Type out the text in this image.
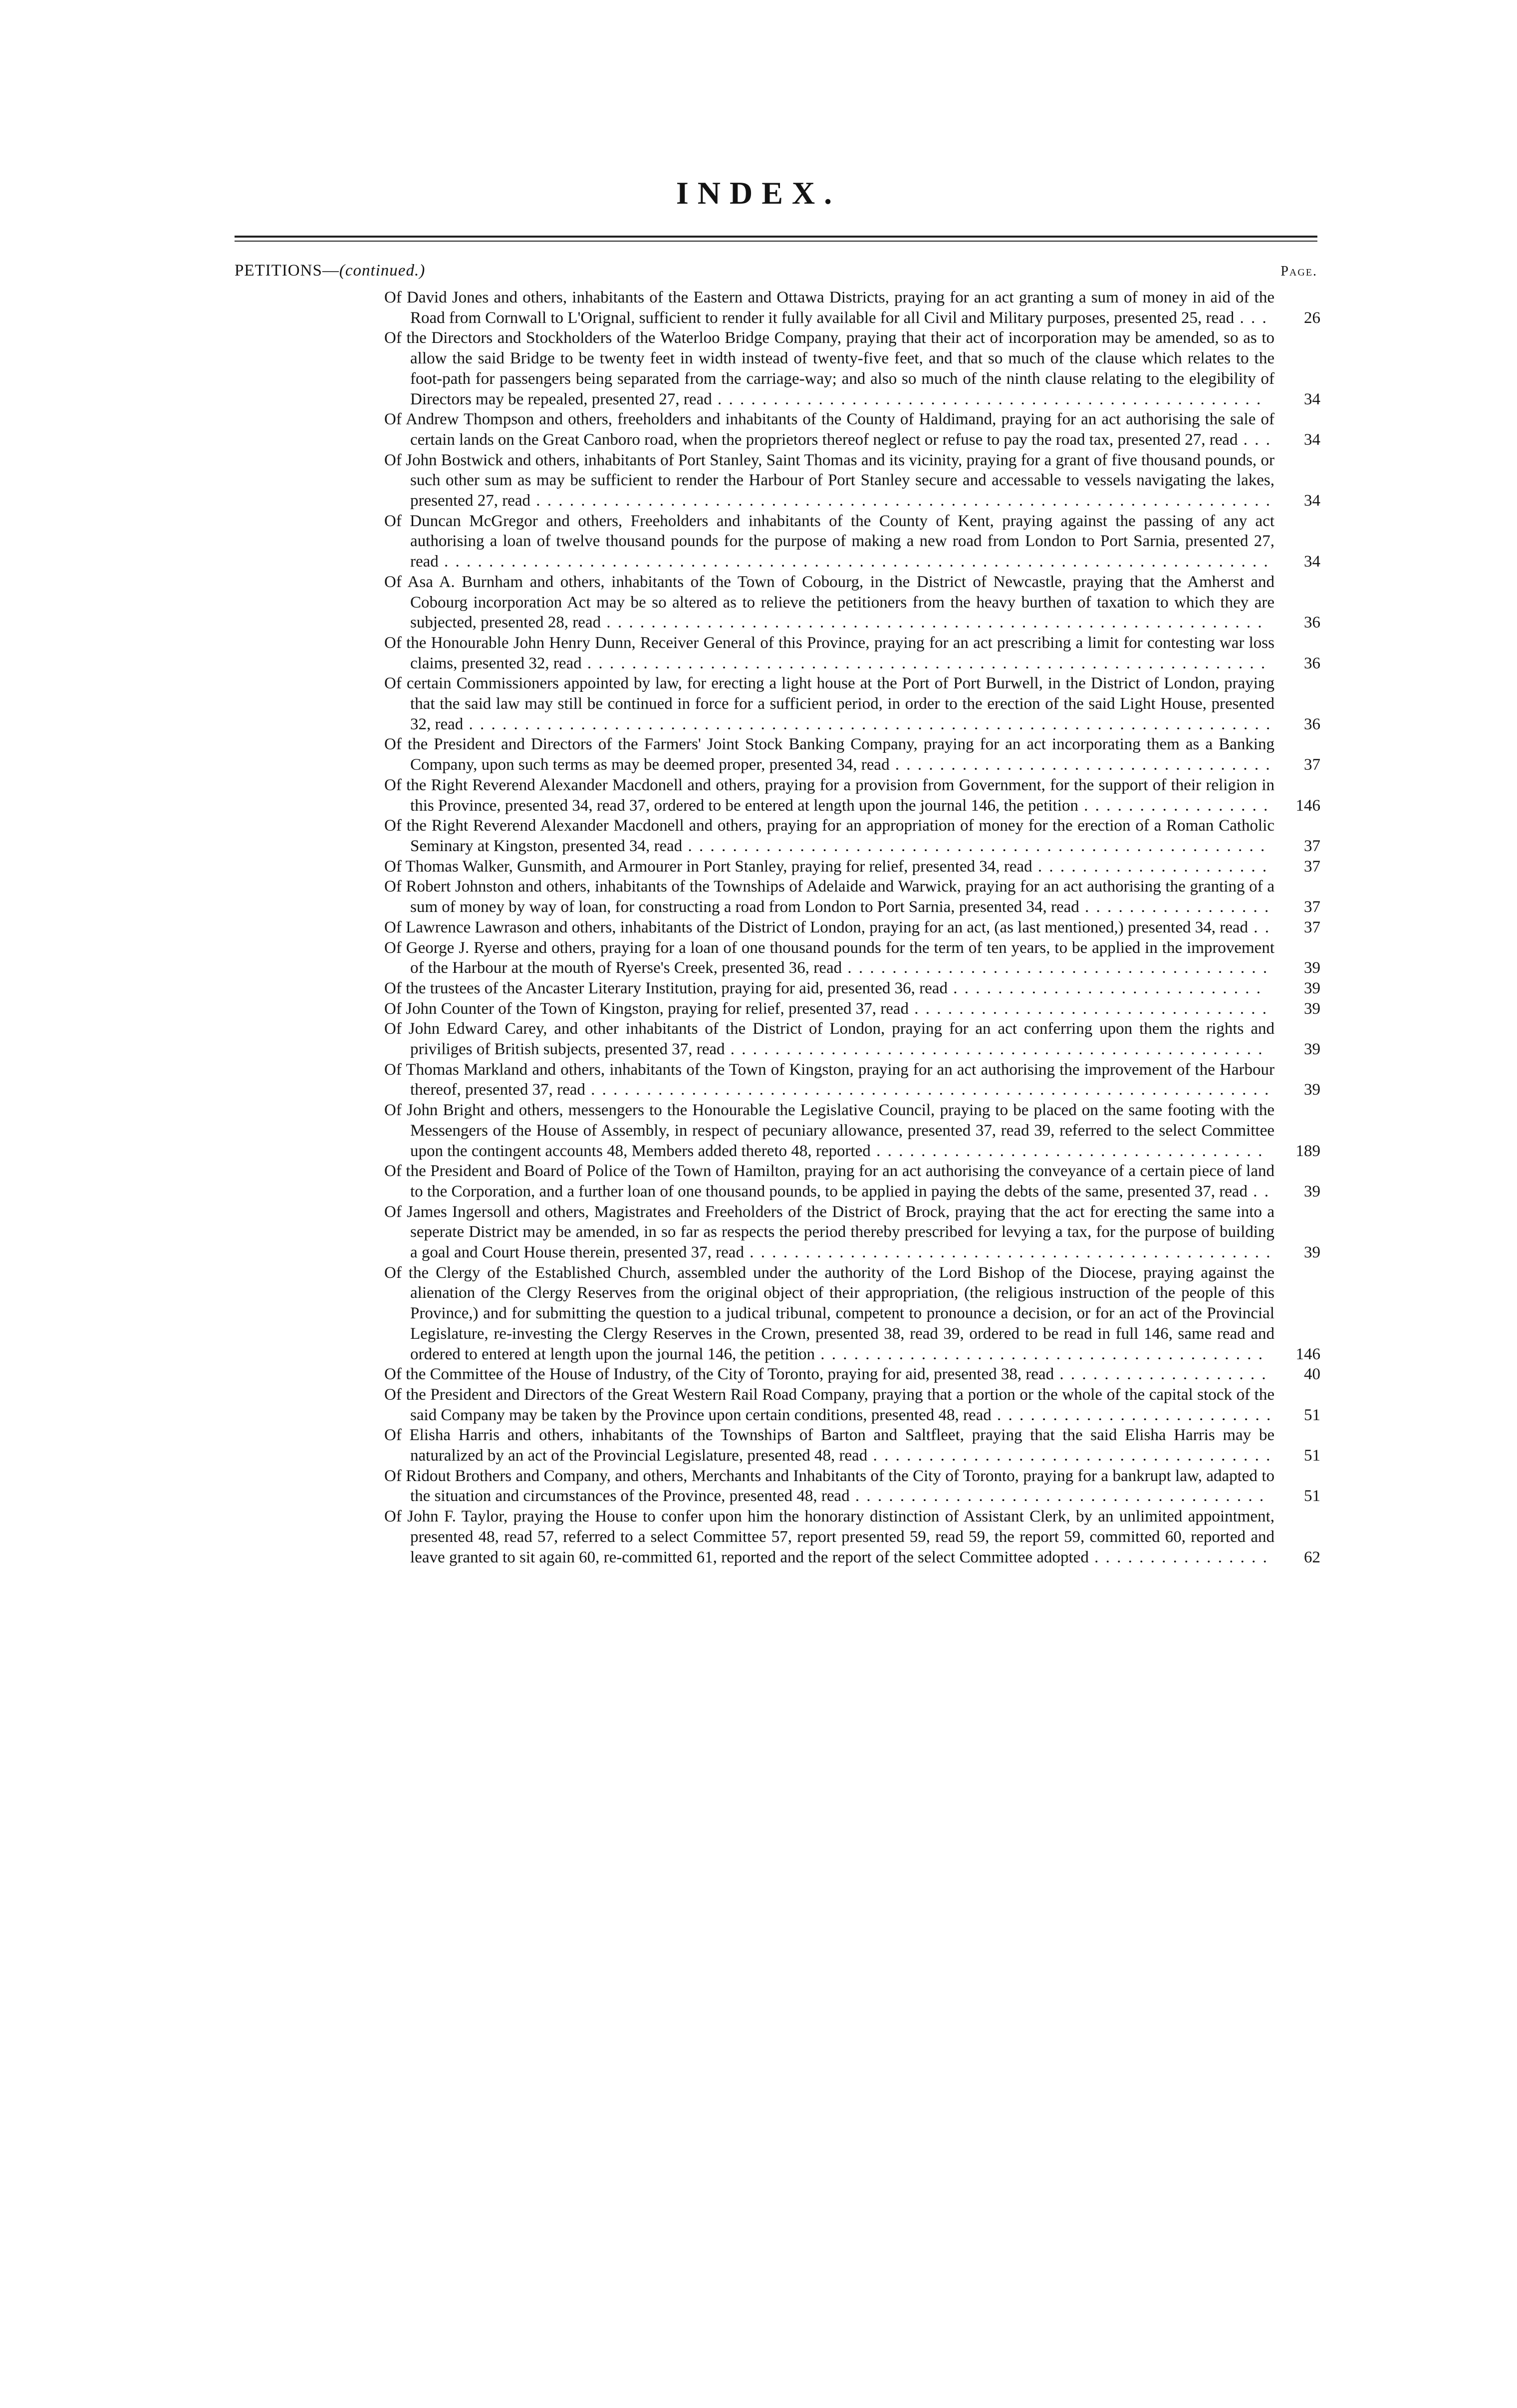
INDEX.
PETITIONS—(continued.)	Page.
Of David Jones and others, inhabitants of the Eastern and Ottawa Districts, praying for an act granting a sum of money in aid of the Road from Cornwall to L'Orignal, sufficient to render it fully available for all Civil and Military purposes, presented 25, read . . .	26
Of the Directors and Stockholders of the Waterloo Bridge Company, praying that their act of incorporation may be amended, so as to allow the said Bridge to be twenty feet in width instead of twenty-five feet, and that so much of the clause which relates to the foot-path for passengers being separated from the carriage-way; and also so much of the ninth clause relating to the elegibility of Directors may be repealed, presented 27, read . . . . . . . . . . . . . . . . . . . . . . . . . . . . . . . . . . . . . . . . . . . . . . . . .	34
Of Andrew Thompson and others, freeholders and inhabitants of the County of Haldimand, praying for an act authorising the sale of certain lands on the Great Canboro road, when the proprietors thereof neglect or refuse to pay the road tax, presented 27, read . . .	34
Of John Bostwick and others, inhabitants of Port Stanley, Saint Thomas and its vicinity, praying for a grant of five thousand pounds, or such other sum as may be sufficient to render the Harbour of Port Stanley secure and accessable to vessels navigating the lakes, presented 27, read . . . . . . . . . . . . . . . . . . . . . . . . . . . . . . . . . . . . . . . . . . . . . . . . . . . . . . . . . . . . . . . . . .	34
Of Duncan McGregor and others, Freeholders and inhabitants of the County of Kent, praying against the passing of any act authorising a loan of twelve thousand pounds for the purpose of making a new road from London to Port Sarnia, presented 27, read . . . . . . . . . . . . . . . . . . . . . . . . . . . . . . . . . . . . . . . . . . . . . . . . . . . . . . . . . . . . . . . . . . . . . . . . . .	34
Of Asa A. Burnham and others, inhabitants of the Town of Cobourg, in the District of Newcastle, praying that the Amherst and Cobourg incorporation Act may be so altered as to relieve the petitioners from the heavy burthen of taxation to which they are subjected, presented 28, read . . . . . . . . . . . . . . . . . . . . . . . . . . . . . . . . . . . . . . . . . . . . . . . . . . . . . . . . . . .	36
Of the Honourable John Henry Dunn, Receiver General of this Province, praying for an act prescribing a limit for contesting war loss claims, presented 32, read . . . . . . . . . . . . . . . . . . . . . . . . . . . . . . . . . . . . . . . . . . . . . . . . . . . . . . . . . . . . .	36
Of certain Commissioners appointed by law, for erecting a light house at the Port of Port Burwell, in the District of London, praying that the said law may still be continued in force for a sufficient period, in order to the erection of the said Light House, presented 32, read . . . . . . . . . . . . . . . . . . . . . . . . . . . . . . . . . . . . . . . . . . . . . . . . . . . . . . . . . . . . . . . . . . . . . . . .	36
Of the President and Directors of the Farmers' Joint Stock Banking Company, praying for an act incorporating them as a Banking Company, upon such terms as may be deemed proper, presented 34, read . . . . . . . . . . . . . . . . . . . . . . . . . . . . . . . . . .	37
Of the Right Reverend Alexander Macdonell and others, praying for a provision from Government, for the support of their religion in this Province, presented 34, read 37, ordered to be entered at length upon the journal 146, the petition . . . . . . . . . . . . . . . . .	146
Of the Right Reverend Alexander Macdonell and others, praying for an appropriation of money for the erection of a Roman Catholic Seminary at Kingston, presented 34, read . . . . . . . . . . . . . . . . . . . . . . . . . . . . . . . . . . . . . . . . . . . . . . . . . . . .	37
Of Thomas Walker, Gunsmith, and Armourer in Port Stanley, praying for relief, presented 34, read . . . . . . . . . . . . . . . . . . . . .	37
Of Robert Johnston and others, inhabitants of the Townships of Adelaide and Warwick, praying for an act authorising the granting of a sum of money by way of loan, for constructing a road from London to Port Sarnia, presented 34, read . . . . . . . . . . . . . . . . .	37
Of Lawrence Lawrason and others, inhabitants of the District of London, praying for an act, (as last mentioned,) presented 34, read . .	37
Of George J. Ryerse and others, praying for a loan of one thousand pounds for the term of ten years, to be applied in the improvement of the Harbour at the mouth of Ryerse's Creek, presented 36, read . . . . . . . . . . . . . . . . . . . . . . . . . . . . . . . . . . . . . .	39
Of the trustees of the Ancaster Literary Institution, praying for aid, presented 36, read . . . . . . . . . . . . . . . . . . . . . . . . . . . .	39
Of John Counter of the Town of Kingston, praying for relief, presented 37, read . . . . . . . . . . . . . . . . . . . . . . . . . . . . . . . .	39
Of John Edward Carey, and other inhabitants of the District of London, praying for an act conferring upon them the rights and priviliges of British subjects, presented 37, read . . . . . . . . . . . . . . . . . . . . . . . . . . . . . . . . . . . . . . . . . . . . . . . .	39
Of Thomas Markland and others, inhabitants of the Town of Kingston, praying for an act authorising the improvement of the Harbour thereof, presented 37, read . . . . . . . . . . . . . . . . . . . . . . . . . . . . . . . . . . . . . . . . . . . . . . . . . . . . . . . . . . . . .	39
Of John Bright and others, messengers to the Honourable the Legislative Council, praying to be placed on the same footing with the Messengers of the House of Assembly, in respect of pecuniary allowance, presented 37, read 39, referred to the select Committee upon the contingent accounts 48, Members added thereto 48, reported . . . . . . . . . . . . . . . . . . . . . . . . . . . . . . . . . . .	189
Of the President and Board of Police of the Town of Hamilton, praying for an act authorising the conveyance of a certain piece of land to the Corporation, and a further loan of one thousand pounds, to be applied in paying the debts of the same, presented 37, read . .	39
Of James Ingersoll and others, Magistrates and Freeholders of the District of Brock, praying that the act for erecting the same into a seperate District may be amended, in so far as respects the period thereby prescribed for levying a tax, for the purpose of building a goal and Court House therein, presented 37, read . . . . . . . . . . . . . . . . . . . . . . . . . . . . . . . . . . . . . . . . . . . . . . .	39
Of the Clergy of the Established Church, assembled under the authority of the Lord Bishop of the Diocese, praying against the alienation of the Clergy Reserves from the original object of their appropriation, (the religious instruction of the people of this Province,) and for submitting the question to a judical tribunal, competent to pronounce a decision, or for an act of the Provincial Legislature, re-investing the Clergy Reserves in the Crown, presented 38, read 39, ordered to be read in full 146, same read and ordered to entered at length upon the journal 146, the petition . . . . . . . . . . . . . . . . . . . . . . . . . . . . . . . . . . . . . . . .	146
Of the Committee of the House of Industry, of the City of Toronto, praying for aid, presented 38, read . . . . . . . . . . . . . . . . . . .	40
Of the President and Directors of the Great Western Rail Road Company, praying that a portion or the whole of the capital stock of the said Company may be taken by the Province upon certain conditions, presented 48, read . . . . . . . . . . . . . . . . . . . . . . . . .	51
Of Elisha Harris and others, inhabitants of the Townships of Barton and Saltfleet, praying that the said Elisha Harris may be naturalized by an act of the Provincial Legislature, presented 48, read . . . . . . . . . . . . . . . . . . . . . . . . . . . . . . . . . . . .	51
Of Ridout Brothers and Company, and others, Merchants and Inhabitants of the City of Toronto, praying for a bankrupt law, adapted to the situation and circumstances of the Province, presented 48, read . . . . . . . . . . . . . . . . . . . . . . . . . . . . . . . . . . . . .	51
Of John F. Taylor, praying the House to confer upon him the honorary distinction of Assistant Clerk, by an unlimited appointment, presented 48, read 57, referred to a select Committee 57, report presented 59, read 59, the report 59, committed 60, reported and leave granted to sit again 60, re-committed 61, reported and the report of the select Committee adopted . . . . . . . . . . . . . . . .	62
